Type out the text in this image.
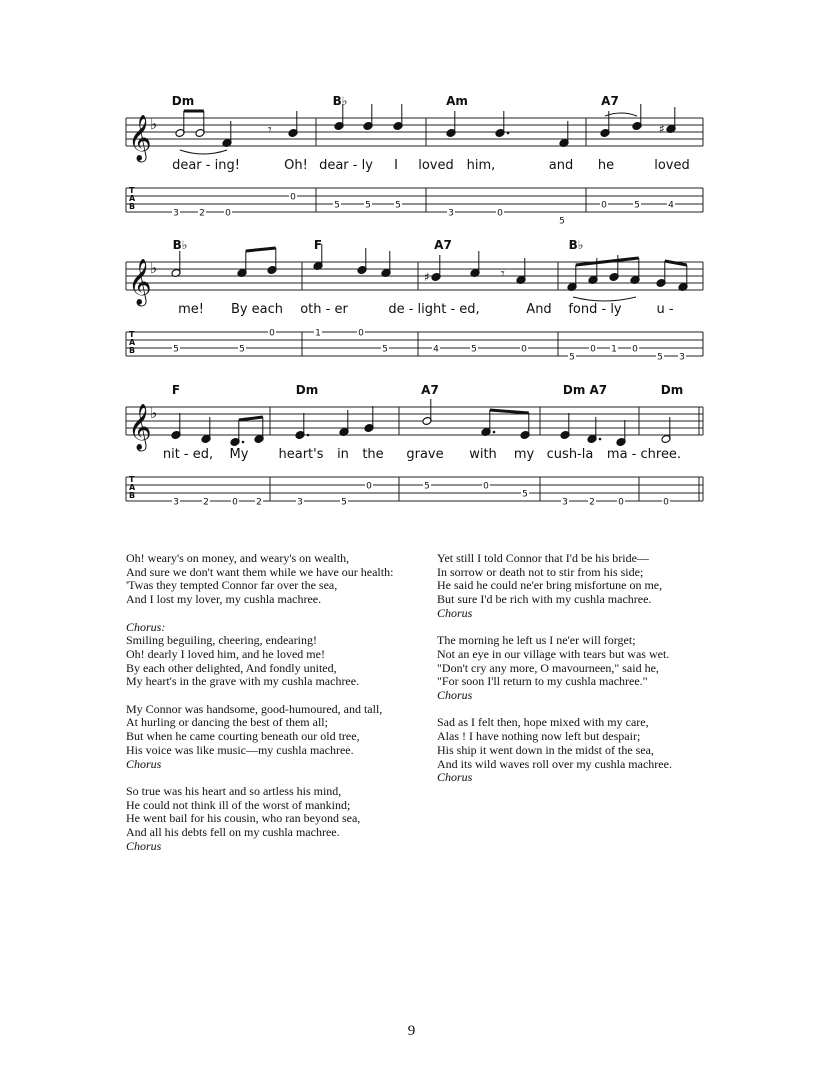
𝄞
♭
T
A
B
Dm	B♭	Am	A7
dear - ing!	Oh! dear - ly I loved him,	and he	loved
3 2 0
0
5	5	5
3	0
5
0	5	4
♯
𝄾
𝄞
♭
T
A
B
B♭	F	A7	B♭
me! By each oth - er	de - light - ed,	And fond - ly	u -
5	5
0	1	0
5	4	5	0
5
0 1 0
5 3
♯	𝄾
𝄞
♭
T
A
B
F	Dm	A7	Dm A7	Dm
nit - ed, My heart's in the grave with my cush-la ma - chree.
3	2	0 2	3	5
0	5	0
5
3 2	0	0
Oh! weary's on money, and weary's on wealth,
And sure we don't want them while we have our health:
'Twas they tempted Connor far over the sea,
And I lost my lover, my cushla machree.
Chorus:
Smiling beguiling, cheering, endearing!
Oh! dearly I loved him, and he loved me!
By each other delighted, And fondly united,
My heart's in the grave with my cushla machree.
My Connor was handsome, good-humoured, and tall,
At hurling or dancing the best of them all;
But when he came courting beneath our old tree,
His voice was like music—my cushla machree.
Chorus
So true was his heart and so artless his mind,
He could not think ill of the worst of mankind;
He went bail for his cousin, who ran beyond sea,
And all his debts fell on my cushla machree.
Chorus
Yet still I told Connor that I'd be his bride—
In sorrow or death not to stir from his side;
He said he could ne'er bring misfortune on me,
But sure I'd be rich with my cushla machree.
Chorus
The morning he left us I ne'er will forget;
Not an eye in our village with tears but was wet.
"Don't cry any more, O mavourneen," said he,
"For soon I'll return to my cushla machree."
Chorus
Sad as I felt then, hope mixed with my care,
Alas ! I have nothing now left but despair;
His ship it went down in the midst of the sea,
And its wild waves roll over my cushla machree.
Chorus
9
